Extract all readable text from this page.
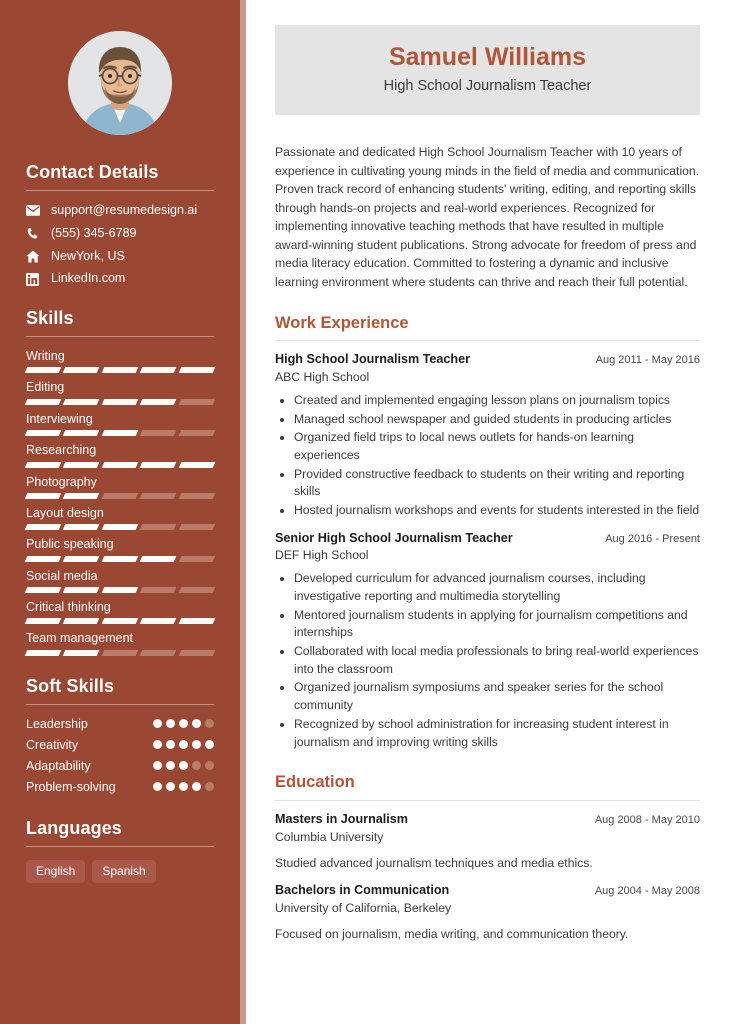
Contact Details
support@resumedesign.ai
(555) 345-6789
NewYork, US
LinkedIn.com
Skills
Writing
Editing
Interviewing
Researching
Photography
Layout design
Public speaking
Social media
Critical thinking
Team management
Soft Skills
Leadership
Creativity
Adaptability
Problem-solving
Languages
English	Spanish
Samuel Williams
High School Journalism Teacher

Passionate and dedicated High School Journalism Teacher with 10 years of experience in cultivating young minds in the field of media and communication. Proven track record of enhancing students' writing, editing, and reporting skills through hands-on projects and real-world experiences. Recognized for implementing innovative teaching methods that have resulted in multiple award-winning student publications. Strong advocate for freedom of press and media literacy education. Committed to fostering a dynamic and inclusive learning environment where students can thrive and reach their full potential.

Work Experience
High School Journalism Teacher	Aug 2011 - May 2016
ABC High School
• Created and implemented engaging lesson plans on journalism topics
• Managed school newspaper and guided students in producing articles
• Organized field trips to local news outlets for hands-on learning experiences
• Provided constructive feedback to students on their writing and reporting skills
• Hosted journalism workshops and events for students interested in the field
Senior High School Journalism Teacher	Aug 2016 - Present
DEF High School
• Developed curriculum for advanced journalism courses, including investigative reporting and multimedia storytelling
• Mentored journalism students in applying for journalism competitions and internships
• Collaborated with local media professionals to bring real-world experiences into the classroom
• Organized journalism symposiums and speaker series for the school community
• Recognized by school administration for increasing student interest in journalism and improving writing skills
Education
Masters in Journalism	Aug 2008 - May 2010
Columbia University
Studied advanced journalism techniques and media ethics.
Bachelors in Communication	Aug 2004 - May 2008
University of California, Berkeley
Focused on journalism, media writing, and communication theory.
